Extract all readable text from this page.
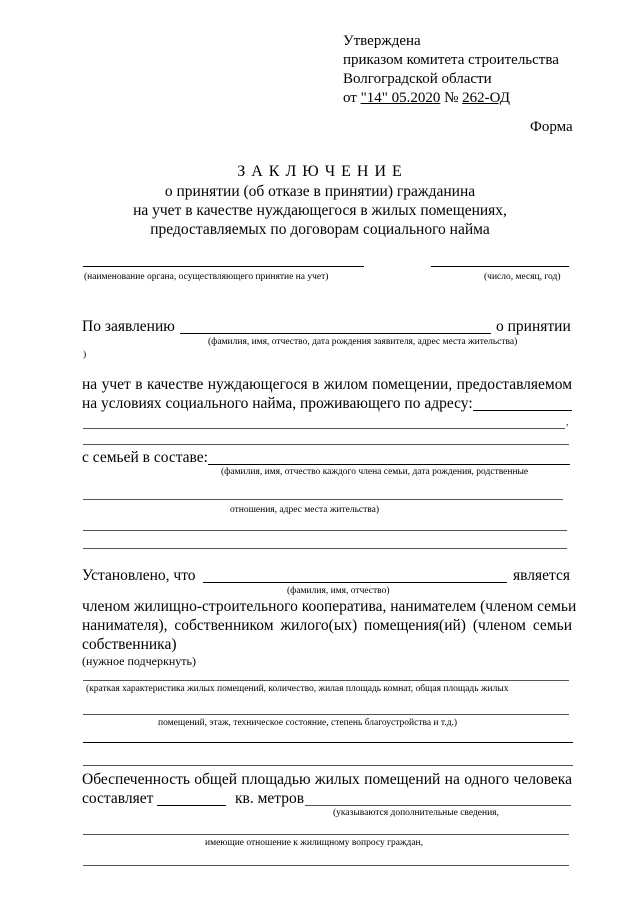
Утверждена
приказом комитета строительства
Волгоградской области
от "14" 05.2020 № 262-ОД
Форма
З А К Л Ю Ч Е Н И Е
о принятии (об отказе в принятии) гражданина
на учет в качестве нуждающегося в жилых помещениях,
предоставляемых по договорам социального найма
(наименование органа, осуществляющего принятие на учет)	(число, месяц, год)
По заявлению	о принятии
(фамилия, имя, отчество, дата рождения заявителя, адрес места жительства)
)
на учет в качестве нуждающегося в жилом помещении, предоставляемом
на условиях социального найма, проживающего по адресу:
,
с семьей в составе:
(фамилия, имя, отчество каждого члена семьи, дата рождения, родственные
отношения, адрес места жительства)
Установлено, что	является
(фамилия, имя, отчество)
членом жилищно-строительного кооператива, нанимателем (членом семьи
нанимателя), собственником жилого(ых) помещения(ий) (членом семьи
собственника)
(нужное подчеркнуть)
(краткая характеристика жилых помещений, количество, жилая площадь комнат, общая площадь жилых
помещений, этаж, техническое состояние, степень благоустройства и т.д.)
Обеспеченность общей площадью жилых помещений на одного человека
составляет	кв. метров
(указываются дополнительные сведения,
имеющие отношение к жилищному вопросу граждан,
